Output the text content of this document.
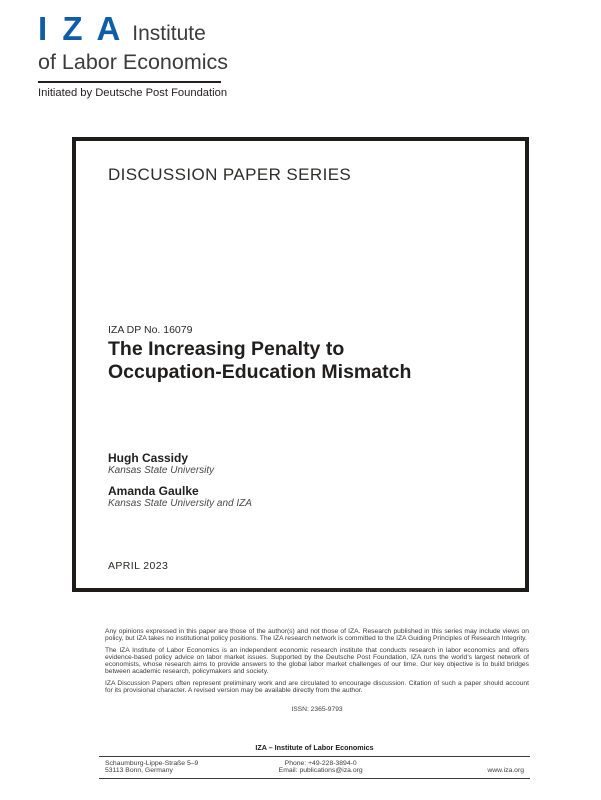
I Z A Institute
of Labor Economics
Initiated by Deutsche Post Foundation
DISCUSSION PAPER SERIES
IZA DP No. 16079
The Increasing Penalty to
Occupation-Education Mismatch
Hugh Cassidy
Kansas State University
Amanda Gaulke
Kansas State University and IZA
APRIL 2023

Any opinions expressed in this paper are those of the author(s) and not those of IZA. Research published in this series may include views on policy, but IZA takes no institutional policy positions. The IZA research network is committed to the IZA Guiding Principles of Research Integrity.

The IZA Institute of Labor Economics is an independent economic research institute that conducts research in labor economics and offers evidence-based policy advice on labor market issues. Supported by the Deutsche Post Foundation, IZA runs the world’s largest network of economists, whose research aims to provide answers to the global labor market challenges of our time. Our key objective is to build bridges between academic research, policymakers and society.

IZA Discussion Papers often represent preliminary work and are circulated to encourage discussion. Citation of such a paper should account for its provisional character. A revised version may be available directly from the author.

ISSN: 2365-9793
IZA – Institute of Labor Economics
Schaumburg-Lippe-Straße 5–9
53113 Bonn, Germany
Phone: +49-228-3894-0
Email: publications@iza.org	www.iza.org
